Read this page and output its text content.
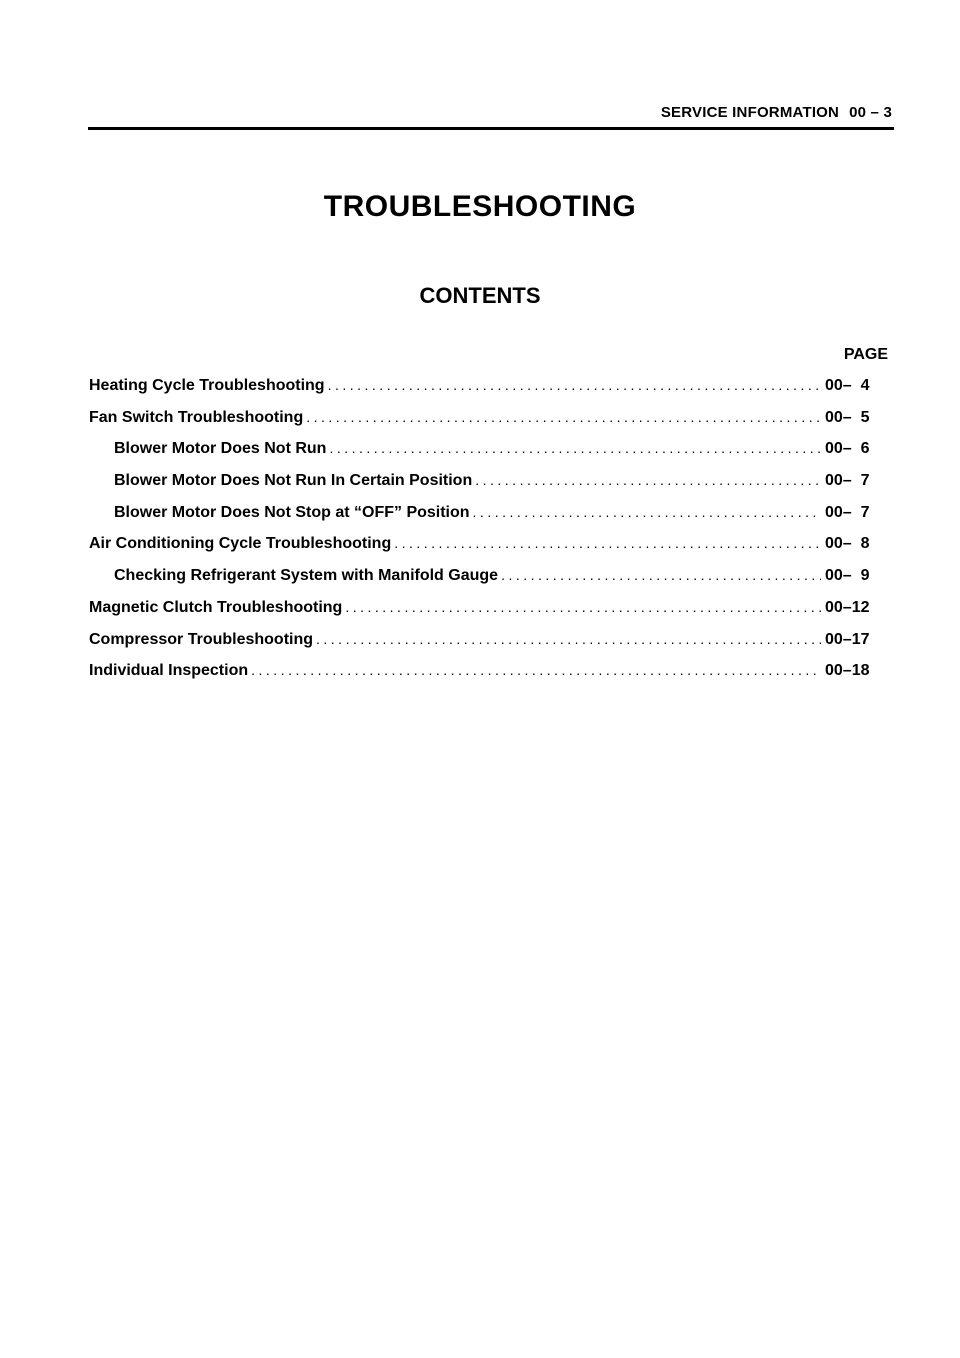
SERVICE INFORMATION 00 – 3
TROUBLESHOOTING
CONTENTS
PAGE
Heating Cycle Troubleshooting .....	00–  4
Fan Switch Troubleshooting .....	00–  5
Blower Motor Does Not Run .....	00–  6
Blower Motor Does Not Run In Certain Position .....	00–  7
Blower Motor Does Not Stop at “OFF” Position .....	00–  7
Air Conditioning Cycle Troubleshooting .....	00–  8
Checking Refrigerant System with Manifold Gauge .....	00–  9
Magnetic Clutch Troubleshooting .....	00–12
Compressor Troubleshooting .....	00–17
Individual Inspection .....	00–18
